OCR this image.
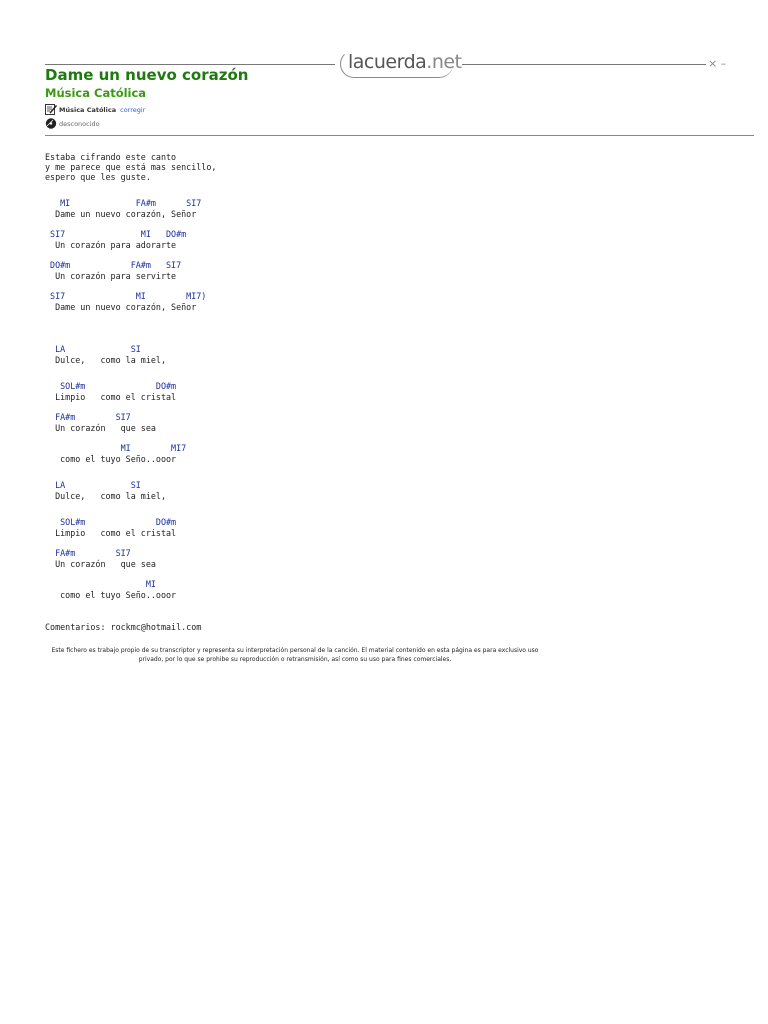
lacuerda.net	× –
Dame un nuevo corazón
Música Católica
Música Católica corregir
desconocido
Estaba cifrando este canto
y me parece que está mas sencillo,
espero que les guste.
MI             FA#m      SI7
Dame un nuevo corazón, Señor
SI7               MI   DO#m
Un corazón para adorarte
DO#m            FA#m   SI7
Un corazón para servirte
SI7              MI        MI7)
Dame un nuevo corazón, Señor
LA             SI
Dulce,   como la miel,
SOL#m              DO#m
Limpio   como el cristal
FA#m        SI7
Un corazón   que sea
MI        MI7
como el tuyo Seño..ooor
LA             SI
Dulce,   como la miel,
SOL#m              DO#m
Limpio   como el cristal
FA#m        SI7
Un corazón   que sea
MI
como el tuyo Seño..ooor
Comentarios: rockmc@hotmail.com
Este fichero es trabajo propio de su transcriptor y representa su interpretación personal de la canción. El material contenido en esta página es para exclusivo uso privado, por lo que se prohibe su reproducción o retransmisión, así como su uso para fines comerciales.
